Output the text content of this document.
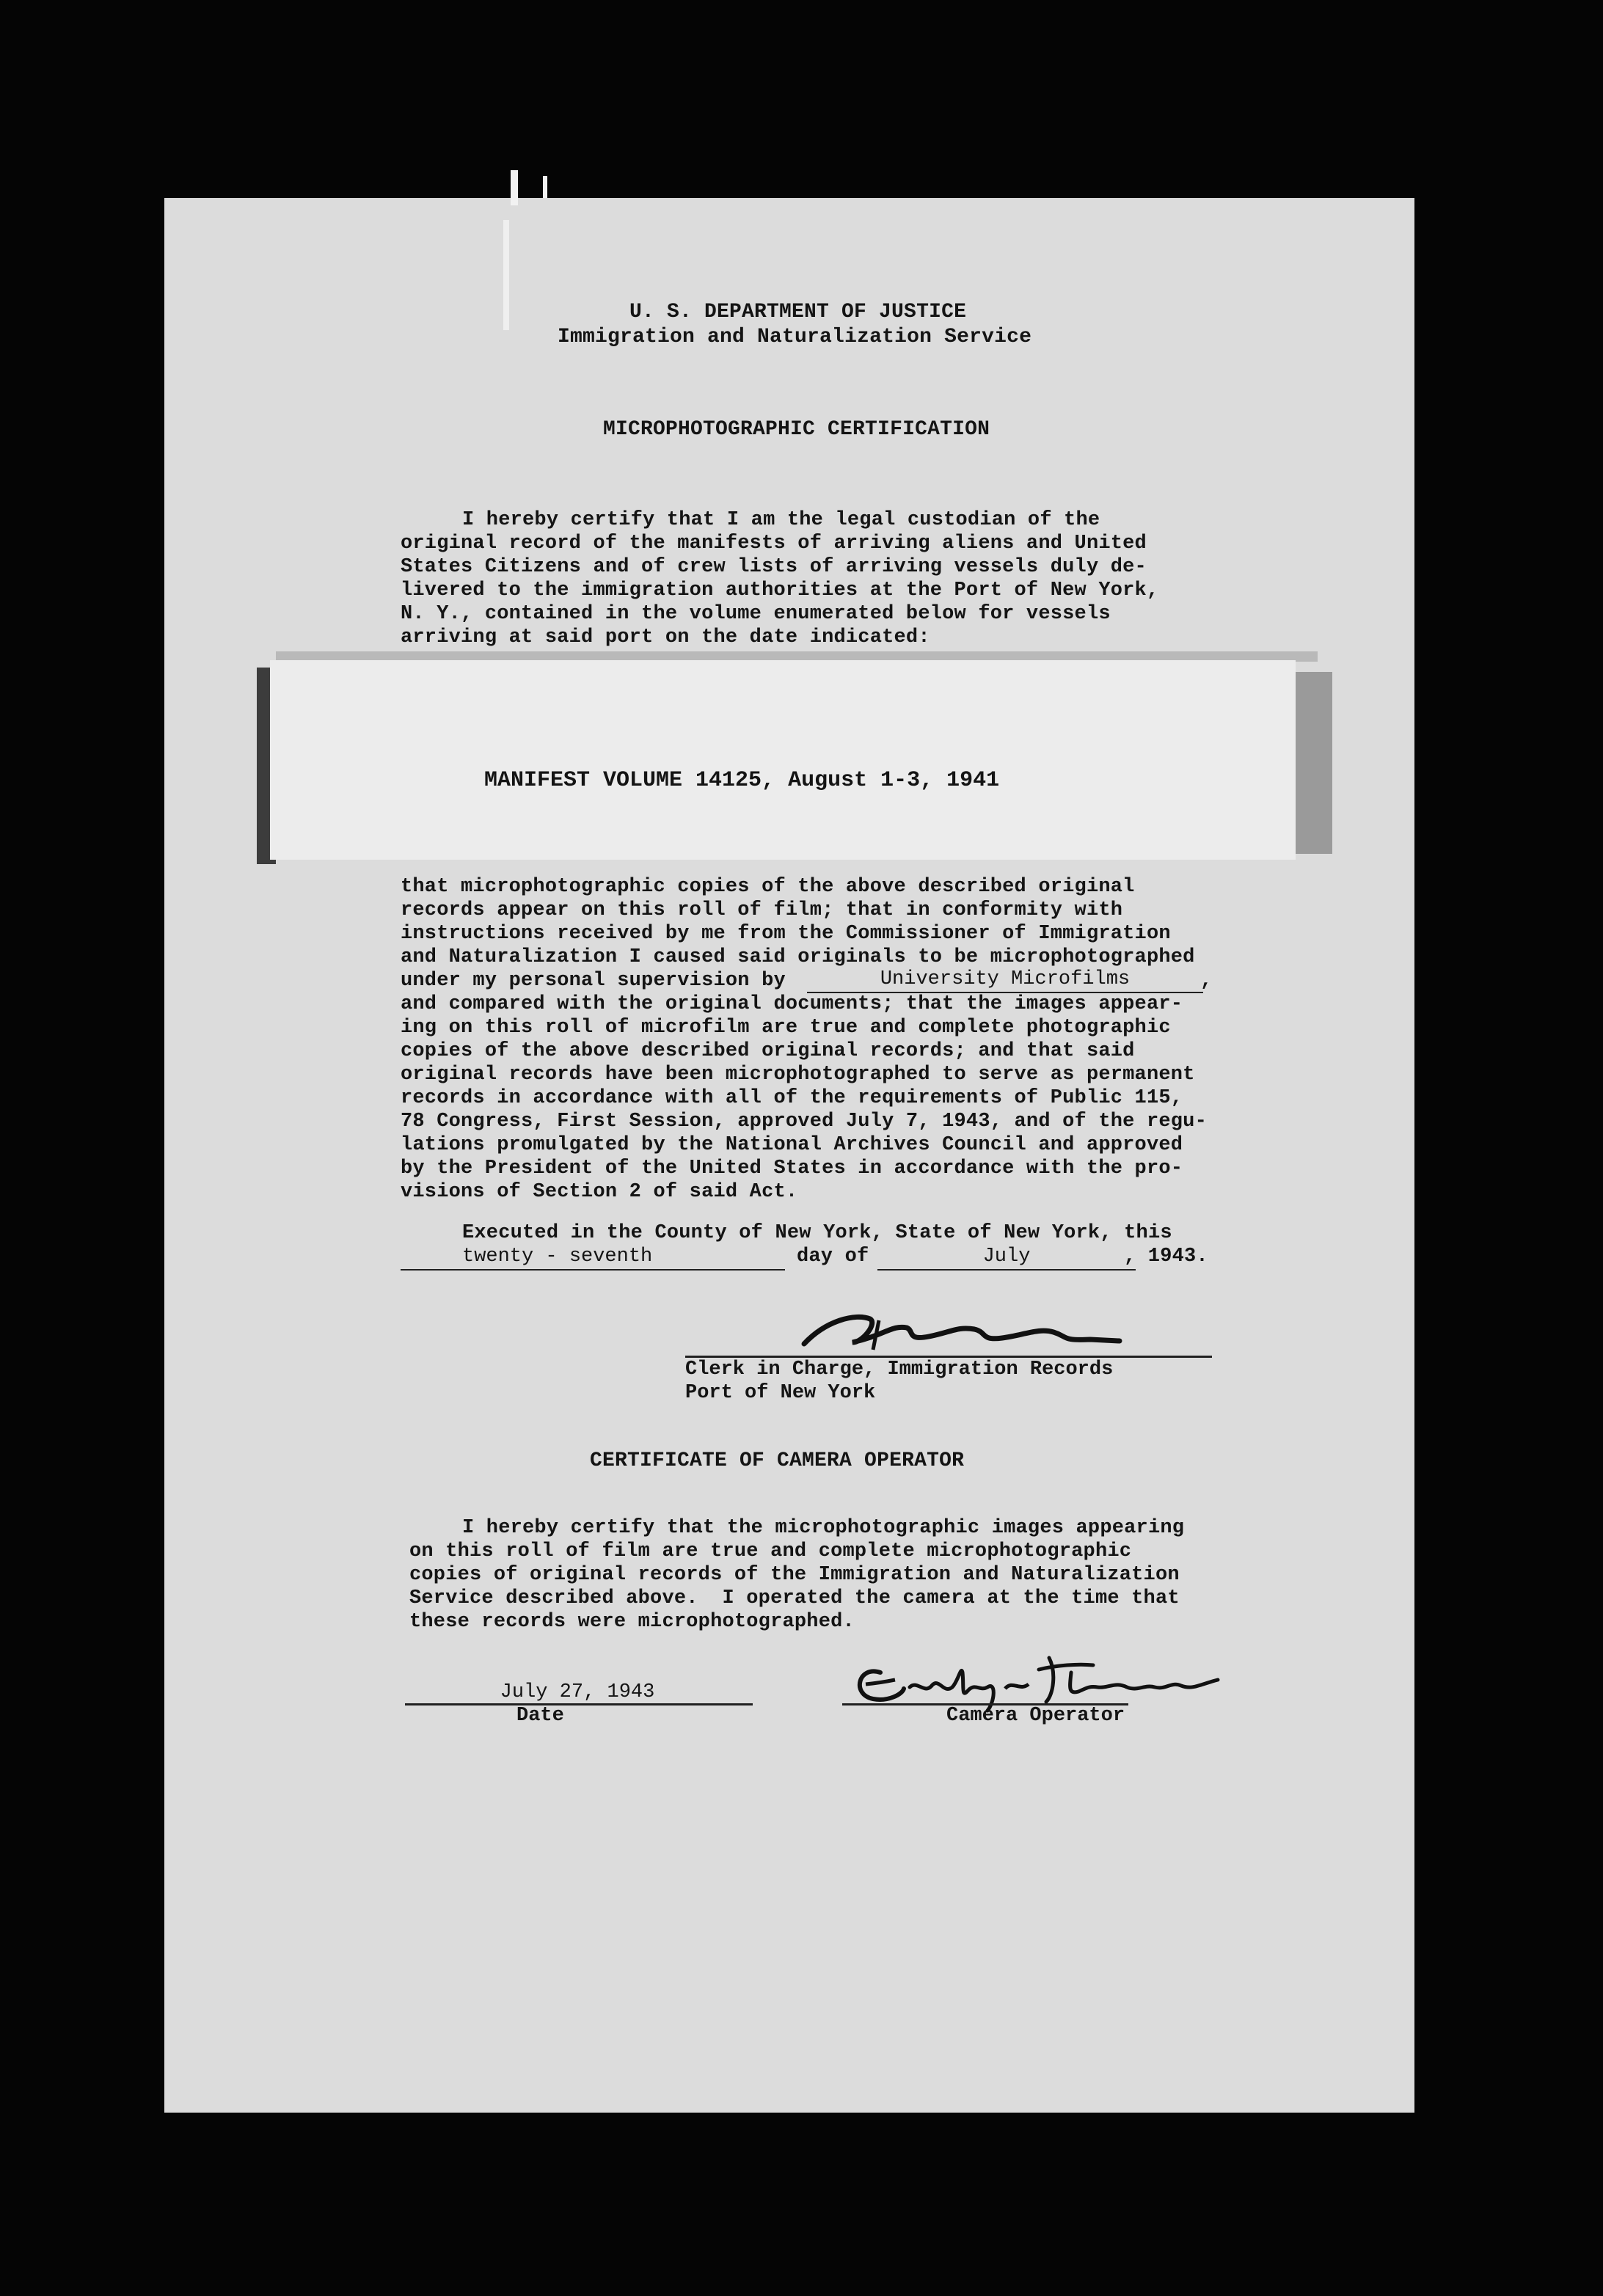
U. S. DEPARTMENT OF JUSTICE
Immigration and Naturalization Service
MICROPHOTOGRAPHIC CERTIFICATION
I hereby certify that I am the legal custodian of the
original record of the manifests of arriving aliens and United
States Citizens and of crew lists of arriving vessels duly de-
livered to the immigration authorities at the Port of New York,
N. Y., contained in the volume enumerated below for vessels
arriving at said port on the date indicated:
MANIFEST VOLUME 14125, August 1-3, 1941
that microphotographic copies of the above described original
records appear on this roll of film; that in conformity with
instructions received by me from the Commissioner of Immigration
and Naturalization I caused said originals to be microphotographed
under my personal supervision by	University Microfilms	,
and compared with the original documents; that the images appear-
ing on this roll of microfilm are true and complete photographic
copies of the above described original records; and that said
original records have been microphotographed to serve as permanent
records in accordance with all of the requirements of Public 115,
78 Congress, First Session, approved July 7, 1943, and of the regu-
lations promulgated by the National Archives Council and approved
by the President of the United States in accordance with the pro-
visions of Section 2 of said Act.
Executed in the County of New York, State of New York, this
twenty - seventh	day of	July	, 1943.
Clerk in Charge, Immigration Records
Port of New York
CERTIFICATE OF CAMERA OPERATOR
I hereby certify that the microphotographic images appearing
on this roll of film are true and complete microphotographic
copies of original records of the Immigration and Naturalization
Service described above.  I operated the camera at the time that
these records were microphotographed.
July 27, 1943
Date	Camera Operator
